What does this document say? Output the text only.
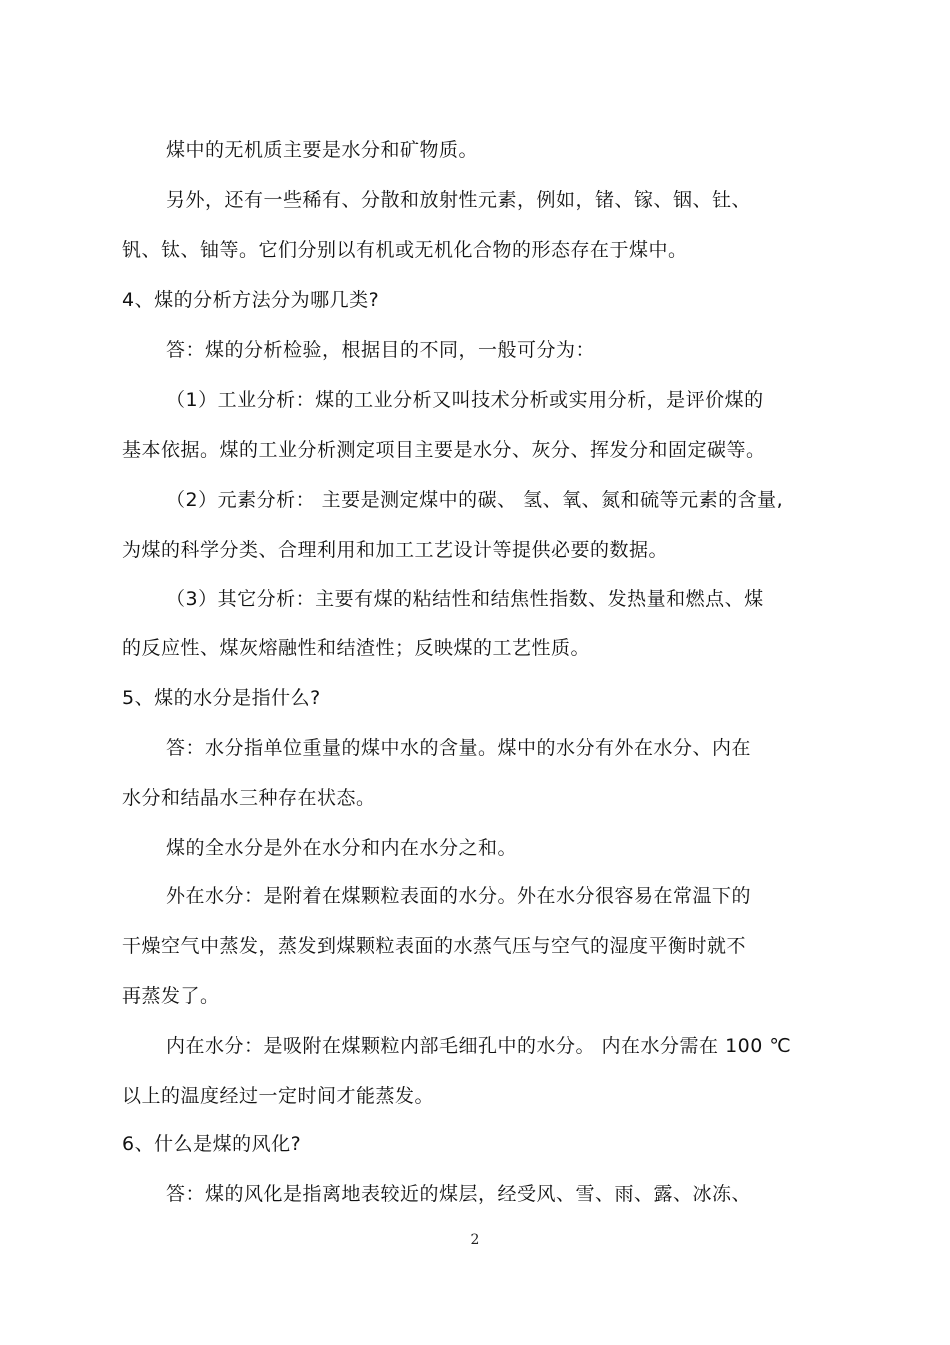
煤中的无机质主要是水分和矿物质。
另外，还有一些稀有、分散和放射性元素，例如，锗、镓、铟、钍、
钒、钛、铀等。它们分别以有机或无机化合物的形态存在于煤中。
4、煤的分析方法分为哪几类?
答：煤的分析检验，根据目的不同，一般可分为：
（1）工业分析：煤的工业分析又叫技术分析或实用分析，是评价煤的
基本依据。煤的工业分析测定项目主要是水分、灰分、挥发分和固定碳等。
（2）元素分析： 主要是测定煤中的碳、 氢、氧、氮和硫等元素的含量,
为煤的科学分类、合理利用和加工工艺设计等提供必要的数据。
（3）其它分析：主要有煤的粘结性和结焦性指数、发热量和燃点、煤
的反应性、煤灰熔融性和结渣性；反映煤的工艺性质。
5、煤的水分是指什么?
答：水分指单位重量的煤中水的含量。煤中的水分有外在水分、内在
水分和结晶水三种存在状态。
煤的全水分是外在水分和内在水分之和。
外在水分：是附着在煤颗粒表面的水分。外在水分很容易在常温下的
干燥空气中蒸发，蒸发到煤颗粒表面的水蒸气压与空气的湿度平衡时就不
再蒸发了。
内在水分：是吸附在煤颗粒内部毛细孔中的水分。 内在水分需在 100 ℃
以上的温度经过一定时间才能蒸发。
6、什么是煤的风化?
答：煤的风化是指离地表较近的煤层，经受风、雪、雨、露、冰冻、
2
